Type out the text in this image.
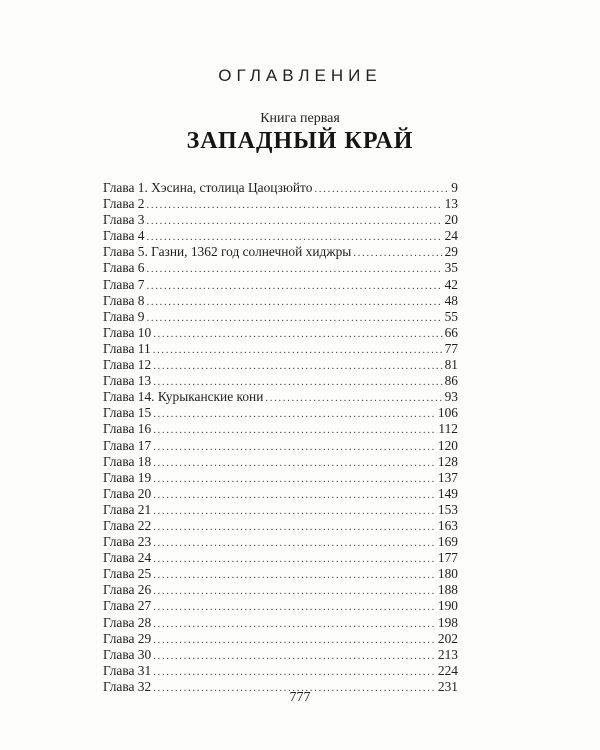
ОГЛАВЛЕНИЕ
Книга первая
ЗАПАДНЫЙ КРАЙ
Глава 1. Хэсина, столица Цаоцзюйто .....	9
Глава 2 .....	13
Глава 3 .....	20
Глава 4 .....	24
Глава 5. Газни, 1362 год солнечной хиджры .....	29
Глава 6 .....	35
Глава 7 .....	42
Глава 8 .....	48
Глава 9 .....	55
Глава 10 .....	66
Глава 11 .....	77
Глава 12 .....	81
Глава 13 .....	86
Глава 14. Курыканские кони .....	93
Глава 15 .....	106
Глава 16 .....	112
Глава 17 .....	120
Глава 18 .....	128
Глава 19 .....	137
Глава 20 .....	149
Глава 21 .....	153
Глава 22 .....	163
Глава 23 .....	169
Глава 24 .....	177
Глава 25 .....	180
Глава 26 .....	188
Глава 27 .....	190
Глава 28 .....	198
Глава 29 .....	202
Глава 30 .....	213
Глава 31 .....	224
Глава 32 .....	231
777
